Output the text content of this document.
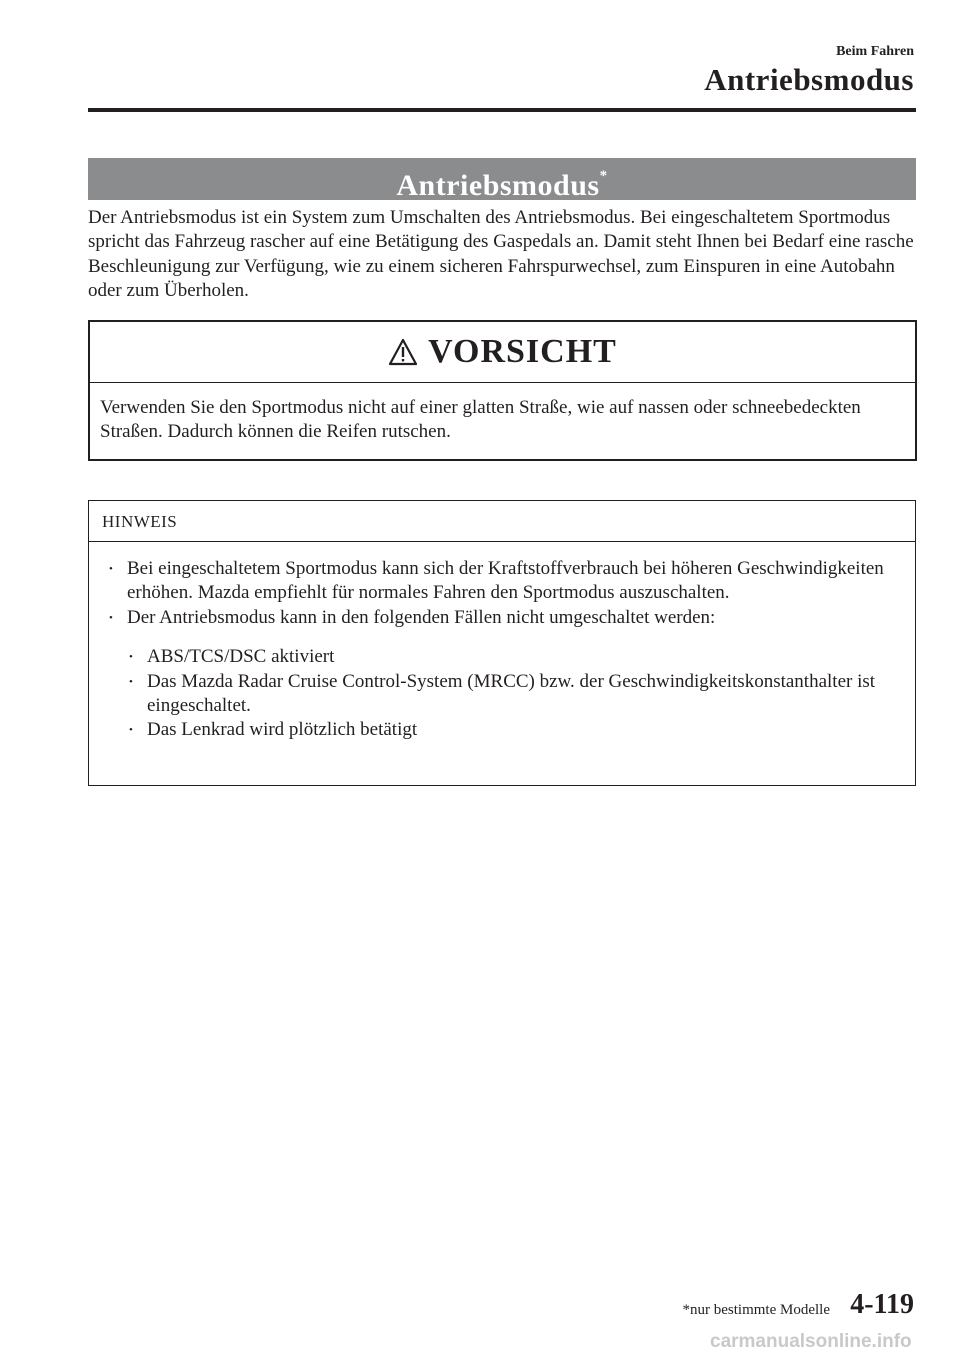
Beim Fahren
Antriebsmodus
Antriebsmodus*

Der Antriebsmodus ist ein System zum Umschalten des Antriebsmodus. Bei eingeschaltetem Sportmodus spricht das Fahrzeug rascher auf eine Betätigung des Gaspedals an. Damit steht Ihnen bei Bedarf eine rasche Beschleunigung zur Verfügung, wie zu einem sicheren Fahrspurwechsel, zum Einspuren in eine Autobahn oder zum Überholen.

VORSICHT
Verwenden Sie den Sportmodus nicht auf einer glatten Straße, wie auf nassen oder schneebedeckten Straßen. Dadurch können die Reifen rutschen.
HINWEIS
• Bei eingeschaltetem Sportmodus kann sich der Kraftstoffverbrauch bei höheren Geschwindigkeiten erhöhen. Mazda empfiehlt für normales Fahren den Sportmodus auszuschalten.
• Der Antriebsmodus kann in den folgenden Fällen nicht umgeschaltet werden:
• ABS/TCS/DSC aktiviert
• Das Mazda Radar Cruise Control-System (MRCC) bzw. der Geschwindigkeitskonstanthalter ist eingeschaltet.
• Das Lenkrad wird plötzlich betätigt
*nur bestimmte Modelle 4-119
carmanualsonline.info
